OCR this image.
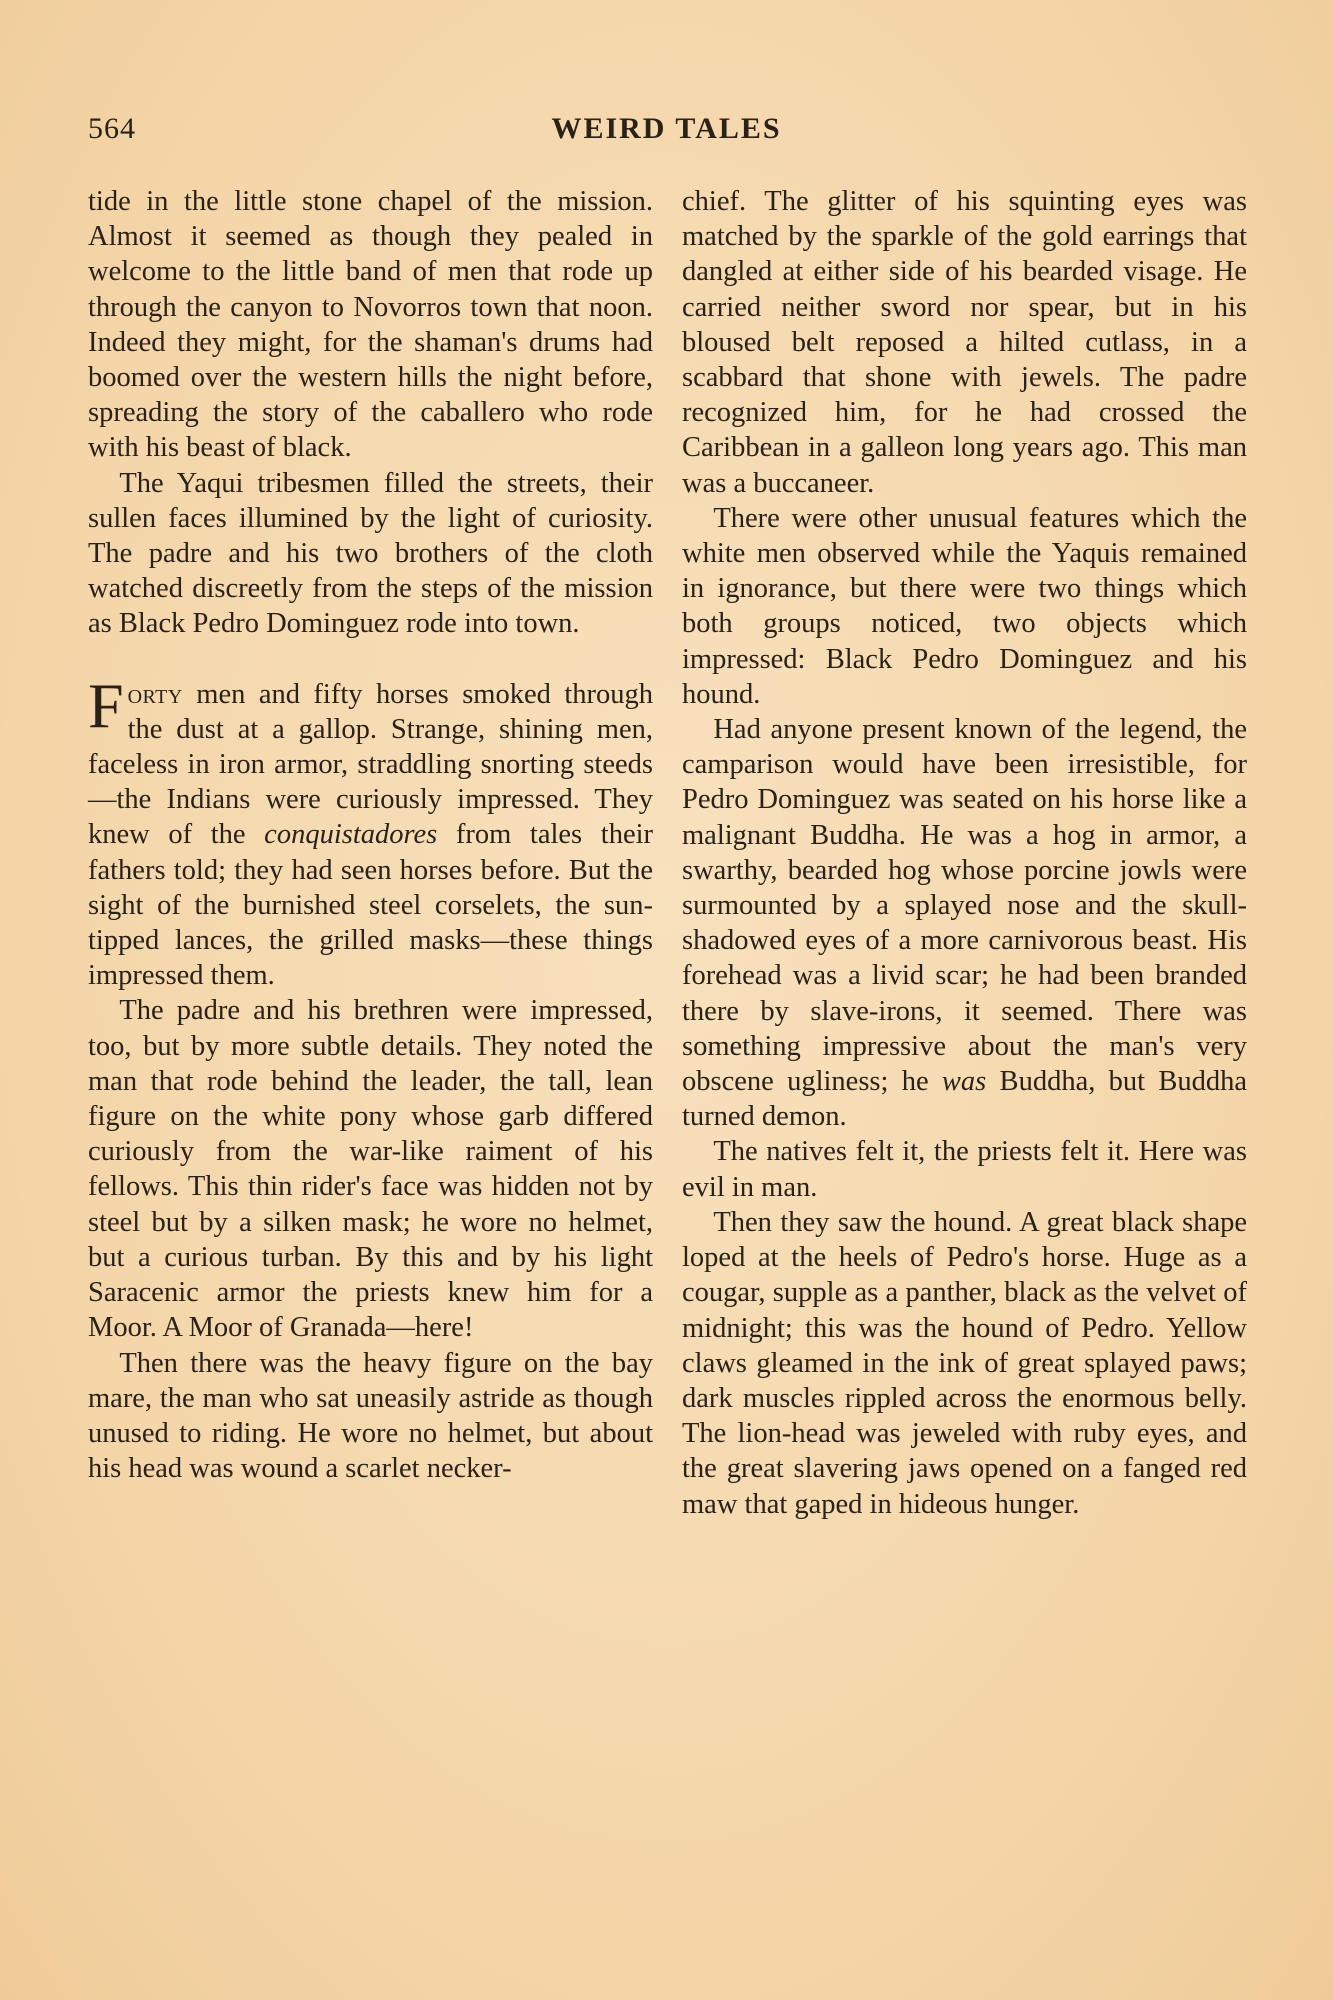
564	WEIRD TALES

tide in the little stone chapel of the mission. Almost it seemed as though they pealed in welcome to the little band of men that rode up through the canyon to Novorros town that noon. Indeed they might, for the shaman's drums had boomed over the western hills the night before, spreading the story of the caballero who rode with his beast of black.

The Yaqui tribesmen filled the streets, their sullen faces illumined by the light of curiosity. The padre and his two brothers of the cloth watched discreetly from the steps of the mission as Black Pedro Dominguez rode into town.

Forty men and fifty horses smoked through the dust at a gallop. Strange, shining men, faceless in iron armor, straddling snorting steeds—the Indians were curiously impressed. They knew of the conquistadores from tales their fathers told; they had seen horses before. But the sight of the burnished steel corselets, the sun-tipped lances, the grilled masks—these things impressed them.

The padre and his brethren were impressed, too, but by more subtle details. They noted the man that rode behind the leader, the tall, lean figure on the white pony whose garb differed curiously from the war-like raiment of his fellows. This thin rider's face was hidden not by steel but by a silken mask; he wore no helmet, but a curious turban. By this and by his light Saracenic armor the priests knew him for a Moor. A Moor of Granada—here!

Then there was the heavy figure on the bay mare, the man who sat uneasily astride as though unused to riding. He wore no helmet, but about his head was wound a scarlet necker-

chief. The glitter of his squinting eyes was matched by the sparkle of the gold earrings that dangled at either side of his bearded visage. He carried neither sword nor spear, but in his bloused belt reposed a hilted cutlass, in a scabbard that shone with jewels. The padre recognized him, for he had crossed the Caribbean in a galleon long years ago. This man was a buccaneer.

There were other unusual features which the white men observed while the Yaquis remained in ignorance, but there were two things which both groups noticed, two objects which impressed: Black Pedro Dominguez and his hound.

Had anyone present known of the legend, the camparison would have been irresistible, for Pedro Dominguez was seated on his horse like a malignant Buddha. He was a hog in armor, a swarthy, bearded hog whose porcine jowls were surmounted by a splayed nose and the skull-shadowed eyes of a more carnivorous beast. His forehead was a livid scar; he had been branded there by slave-irons, it seemed. There was something impressive about the man's very obscene ugliness; he was Buddha, but Buddha turned demon.

The natives felt it, the priests felt it. Here was evil in man.

Then they saw the hound. A great black shape loped at the heels of Pedro's horse. Huge as a cougar, supple as a panther, black as the velvet of midnight; this was the hound of Pedro. Yellow claws gleamed in the ink of great splayed paws; dark muscles rippled across the enormous belly. The lion-head was jeweled with ruby eyes, and the great slavering jaws opened on a fanged red maw that gaped in hideous hunger.
